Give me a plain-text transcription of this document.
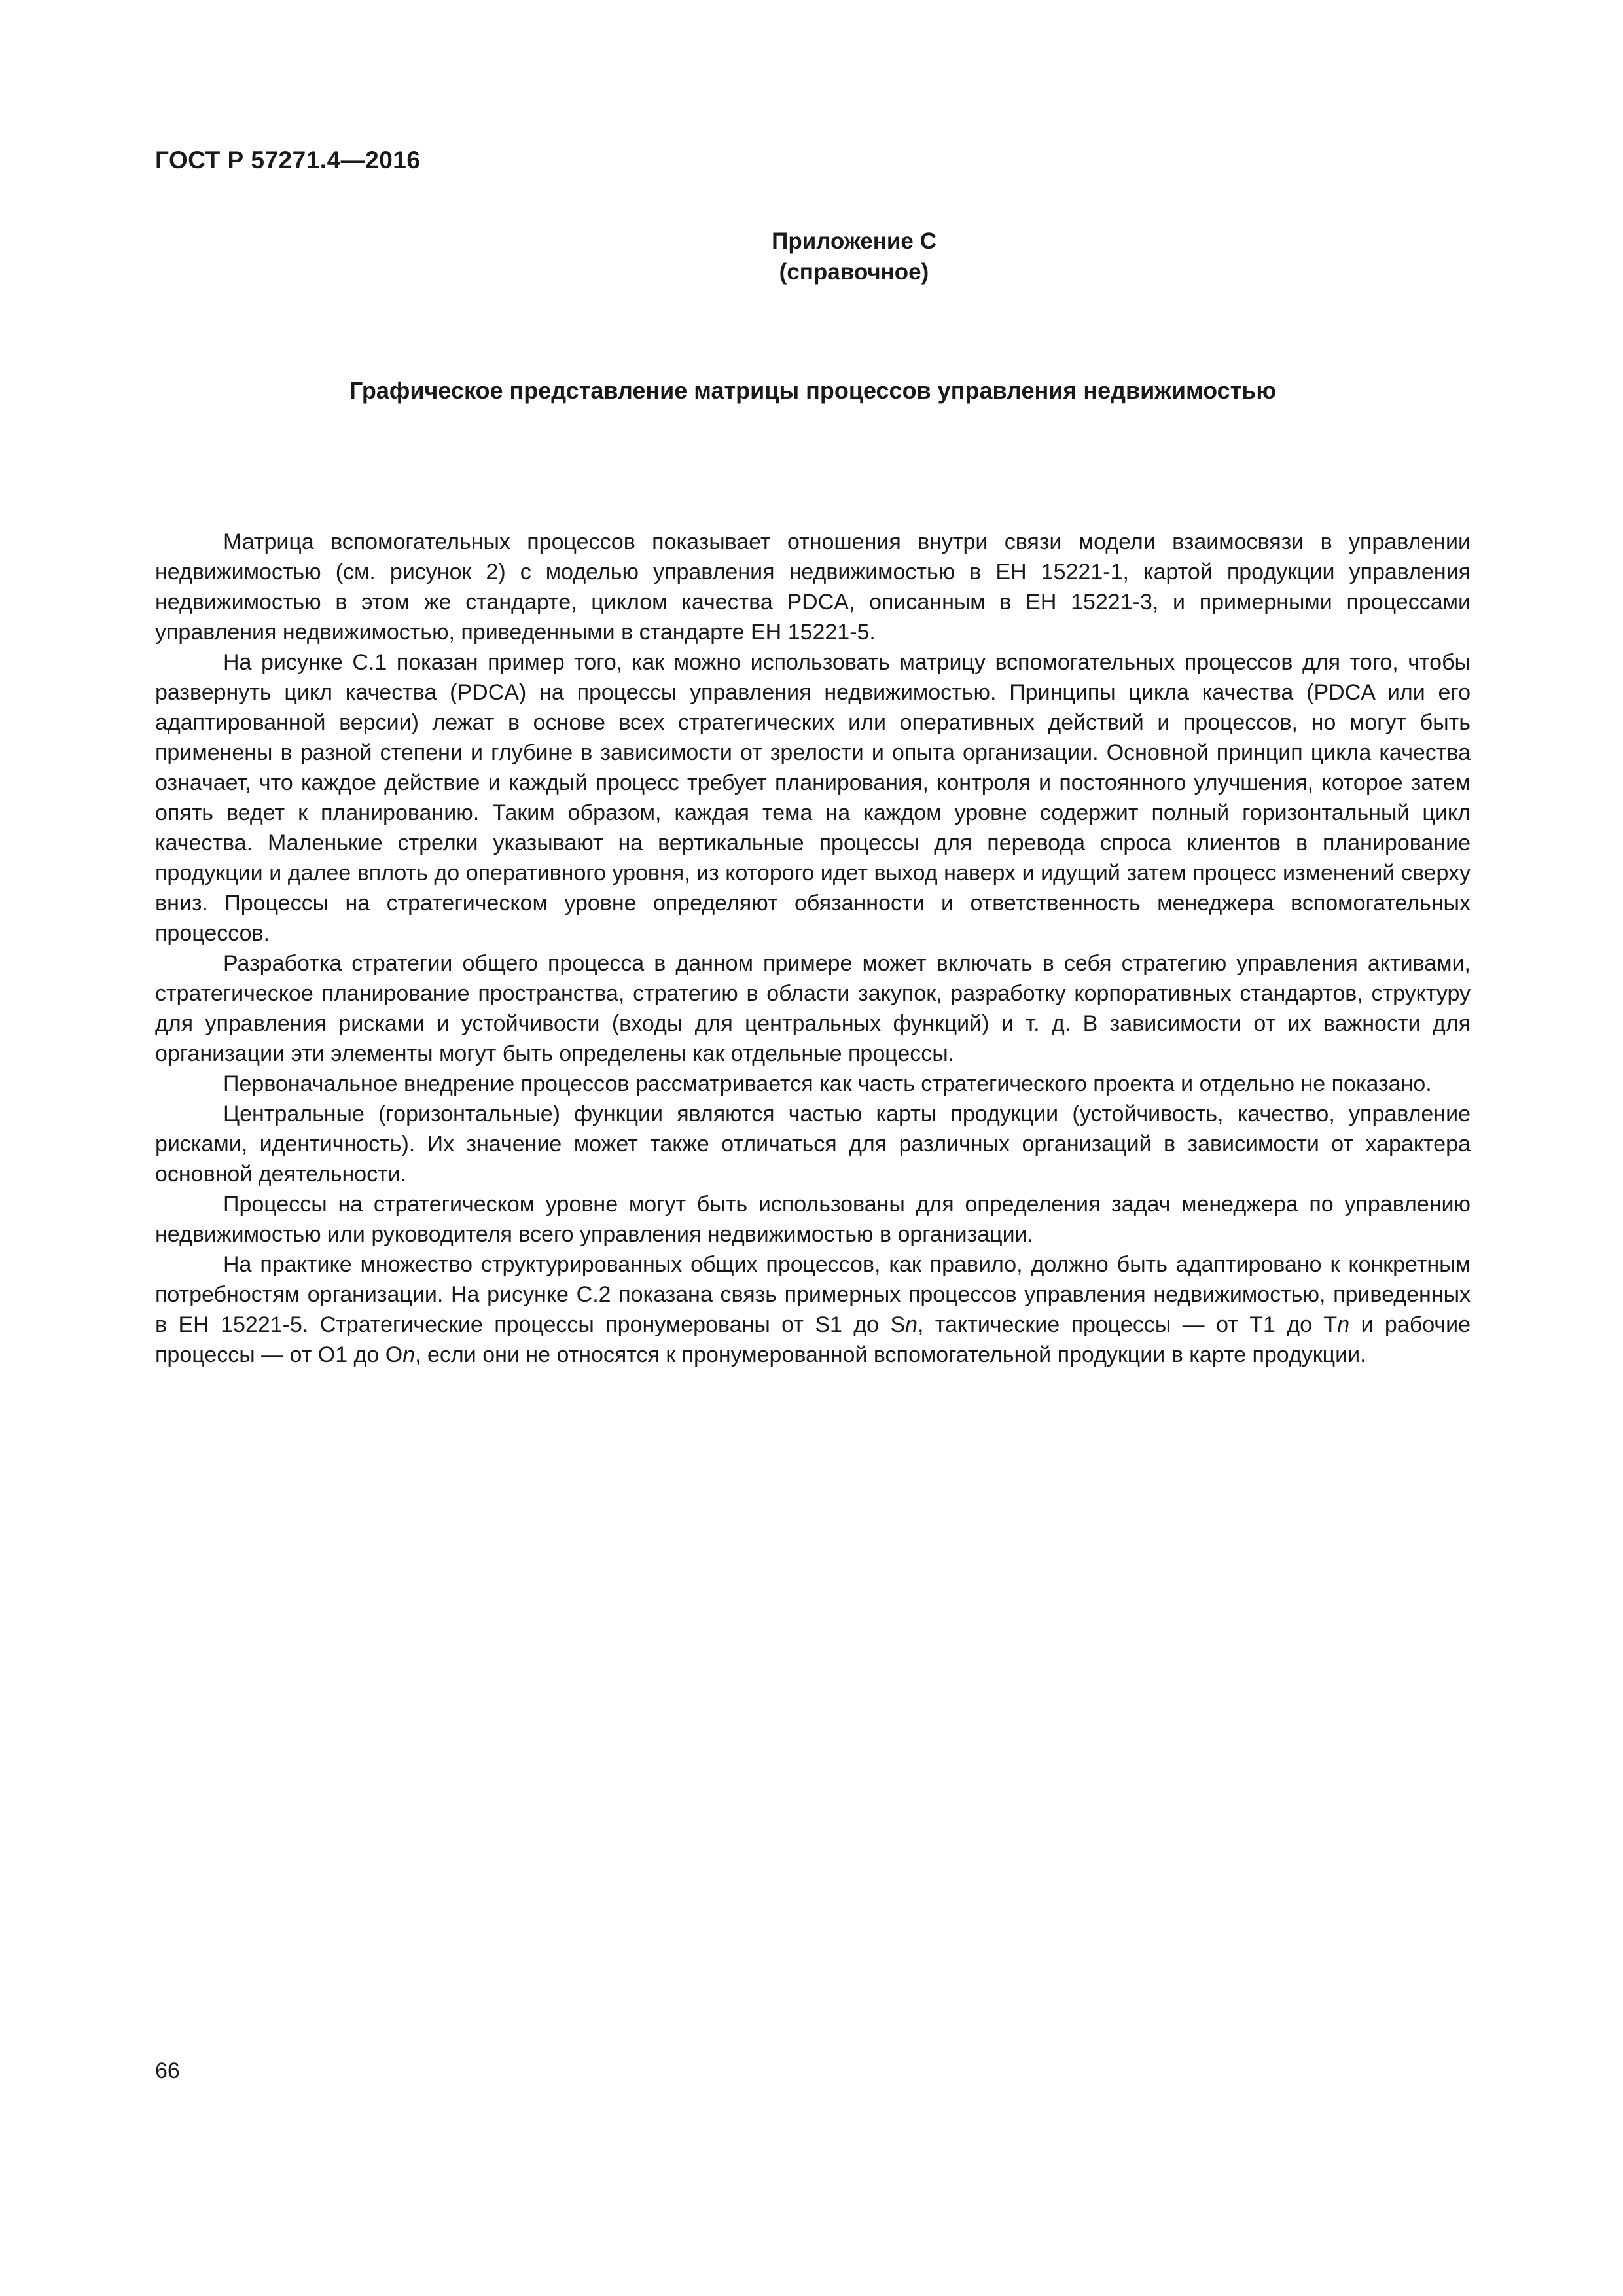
ГОСТ Р 57271.4—2016
Приложение С
(справочное)
Графическое представление матрицы процессов управления недвижимостью

Матрица вспомогательных процессов показывает отношения внутри связи модели взаимосвязи в управлении недвижимостью (см. рисунок 2) с моделью управления недвижимостью в ЕН 15221-1, картой продукции управления недвижимостью в этом же стандарте, циклом качества PDCA, описанным в ЕН 15221-3, и примерными процессами управления недвижимостью, приведенными в стандарте ЕН 15221-5.

На рисунке С.1 показан пример того, как можно использовать матрицу вспомогательных процессов для того, чтобы развернуть цикл качества (PDCA) на процессы управления недвижимостью. Принципы цикла качества (PDCA или его адаптированной версии) лежат в основе всех стратегических или оперативных действий и процессов, но могут быть применены в разной степени и глубине в зависимости от зрелости и опыта организации. Основной принцип цикла качества означает, что каждое действие и каждый процесс требует планирования, контроля и постоянного улучшения, которое затем опять ведет к планированию. Таким образом, каждая тема на каждом уровне содержит полный горизонтальный цикл качества. Маленькие стрелки указывают на вертикальные процессы для перевода спроса клиентов в планирование продукции и далее вплоть до оперативного уровня, из которого идет выход наверх и идущий затем процесс изменений сверху вниз. Процессы на стратегическом уровне определяют обязанности и ответственность менеджера вспомогательных процессов.

Разработка стратегии общего процесса в данном примере может включать в себя стратегию управления активами, стратегическое планирование пространства, стратегию в области закупок, разработку корпоративных стандартов, структуру для управления рисками и устойчивости (входы для центральных функций) и т. д. В зависимости от их важности для организации эти элементы могут быть определены как отдельные процессы.

Первоначальное внедрение процессов рассматривается как часть стратегического проекта и отдельно не показано.

Центральные (горизонтальные) функции являются частью карты продукции (устойчивость, качество, управление рисками, идентичность). Их значение может также отличаться для различных организаций в зависимости от характера основной деятельности.

Процессы на стратегическом уровне могут быть использованы для определения задач менеджера по управлению недвижимостью или руководителя всего управления недвижимостью в организации.

На практике множество структурированных общих процессов, как правило, должно быть адаптировано к конкретным потребностям организации. На рисунке С.2 показана связь примерных процессов управления недвижимостью, приведенных в ЕН 15221-5. Стратегические процессы пронумерованы от S1 до Sn, тактические процессы — от Т1 до Тn и рабочие процессы — от О1 до Оn, если они не относятся к пронумерованной вспомогательной продукции в карте продукции.

66
